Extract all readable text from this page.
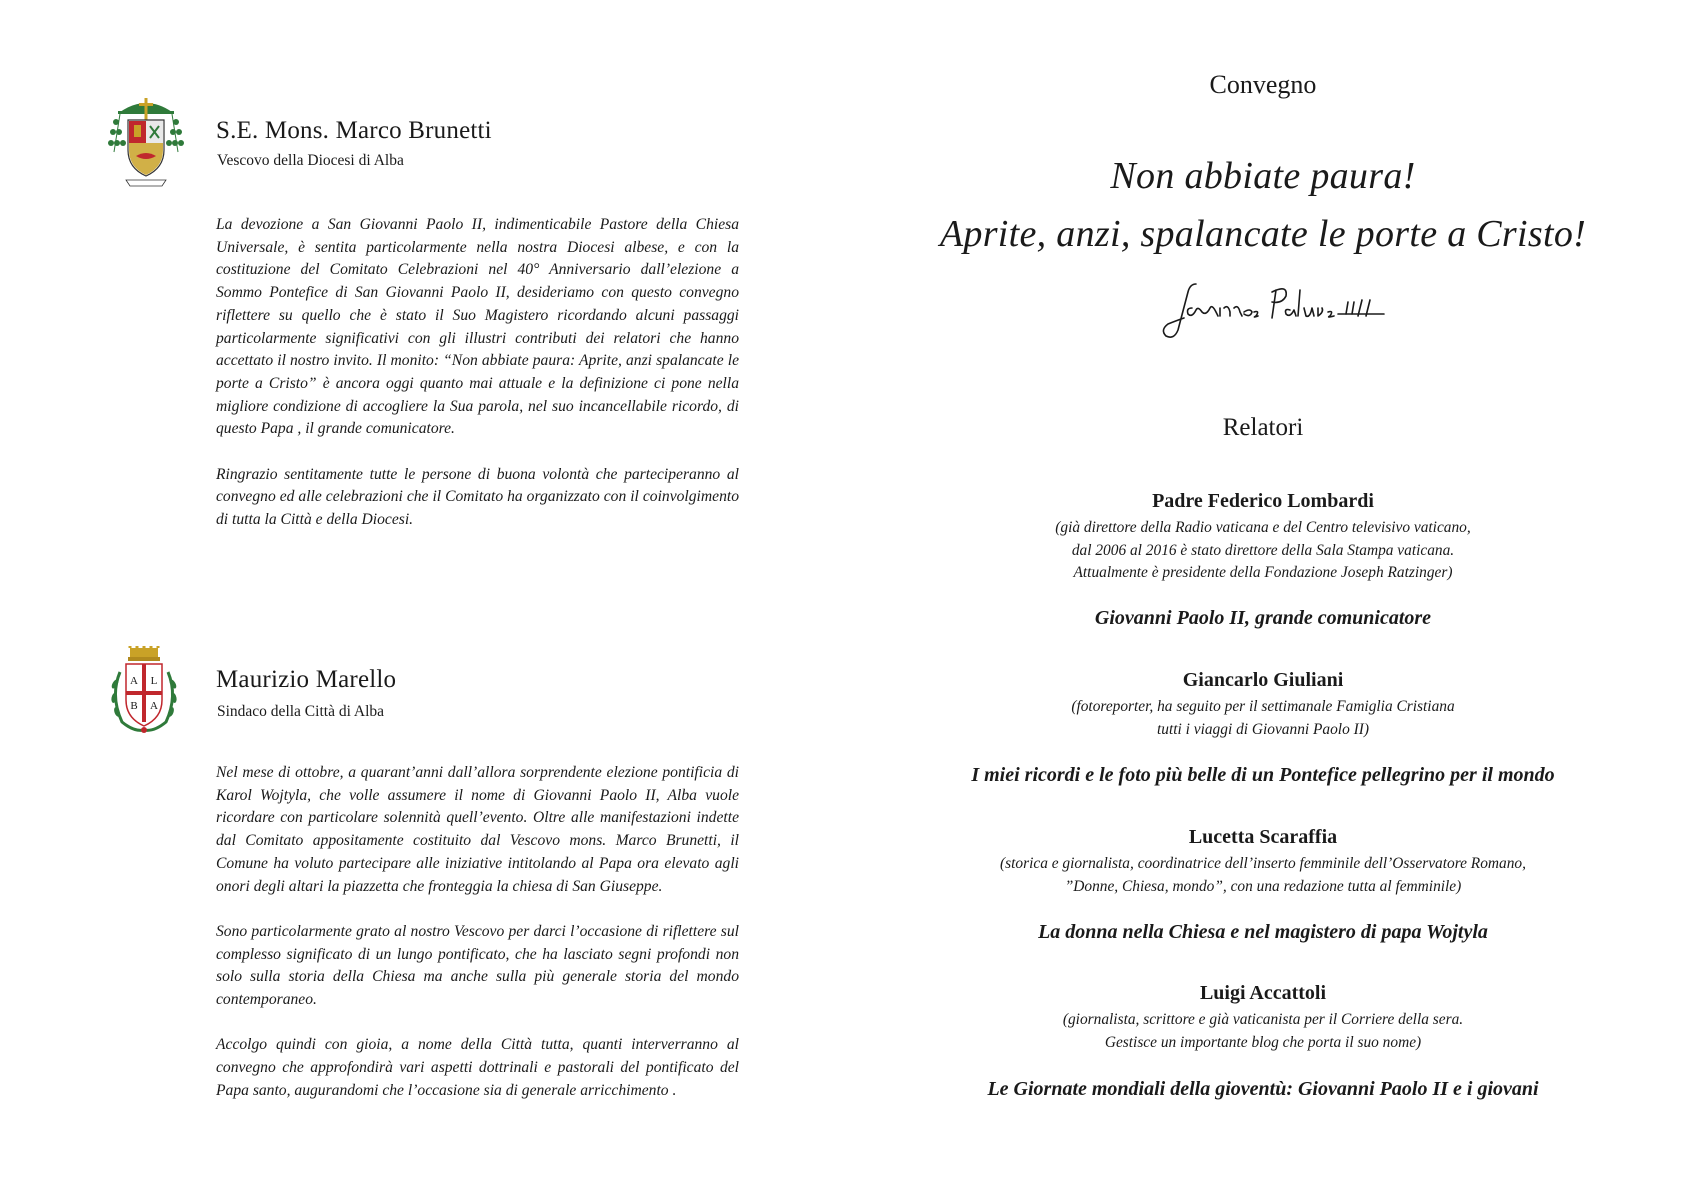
S.E. Mons. Marco Brunetti
Vescovo della Diocesi di Alba

La devozione a San Giovanni Paolo II, indimenticabile Pastore della Chiesa Universale, è sentita particolarmente nella nostra Diocesi albese, e con la costituzione del Comitato Celebrazioni nel 40° Anniversario dall’elezione a Sommo Pontefice di San Giovanni Paolo II, desideriamo con questo convegno riflettere su quello che è stato il Suo Magistero ricordando alcuni passaggi particolarmente significativi con gli illustri contributi dei relatori che hanno accettato il nostro invito. Il monito: “Non abbiate paura: Aprite, anzi spalancate le porte a Cristo” è ancora oggi quanto mai attuale e la definizione ci pone nella migliore condizione di accogliere la Sua parola, nel suo incancellabile ricordo, di questo Papa , il grande comunicatore.

Ringrazio sentitamente tutte le persone di buona volontà che parteciperanno al convegno ed alle celebrazioni che il Comitato ha organizzato con il coinvolgimento di tutta la Città e della Diocesi.

A L
B A
Maurizio Marello
Sindaco della Città di Alba

Nel mese di ottobre, a quarant’anni dall’allora sorprendente elezione pontificia di Karol Wojtyla, che volle assumere il nome di Giovanni Paolo II, Alba vuole ricordare con particolare solennità quell’evento. Oltre alle manifestazioni indette dal Comitato appositamente costituito dal Vescovo mons. Marco Brunetti, il Comune ha voluto partecipare alle iniziative intitolando al Papa ora elevato agli onori degli altari la piazzetta che fronteggia la chiesa di San Giuseppe.

Sono particolarmente grato al nostro Vescovo per darci l’occasione di riflettere sul complesso significato di un lungo pontificato, che ha lasciato segni profondi non solo sulla storia della Chiesa ma anche sulla più generale storia del mondo contemporaneo.

Accolgo quindi con gioia, a nome della Città tutta, quanti interverranno al convegno che approfondirà vari aspetti dottrinali e pastorali del pontificato del Papa santo, augurandomi che l’occasione sia di generale arricchimento .

Convegno
Non abbiate paura!
Aprite, anzi, spalancate le porte a Cristo!
Relatori
Padre Federico Lombardi
(già direttore della Radio vaticana e del Centro televisivo vaticano,
dal 2006 al 2016 è stato direttore della Sala Stampa vaticana.
Attualmente è presidente della Fondazione Joseph Ratzinger)
Giovanni Paolo II, grande comunicatore
Giancarlo Giuliani
(fotoreporter, ha seguito per il settimanale Famiglia Cristiana
tutti i viaggi di Giovanni Paolo II)
I miei ricordi e le foto più belle di un Pontefice pellegrino per il mondo
Lucetta Scaraffia
(storica e giornalista, coordinatrice dell’inserto femminile dell’Osservatore Romano,
”Donne, Chiesa, mondo”, con una redazione tutta al femminile)
La donna nella Chiesa e nel magistero di papa Wojtyla
Luigi Accattoli
(giornalista, scrittore e già vaticanista per il Corriere della sera.
Gestisce un importante blog che porta il suo nome)
Le Giornate mondiali della gioventù: Giovanni Paolo II e i giovani
